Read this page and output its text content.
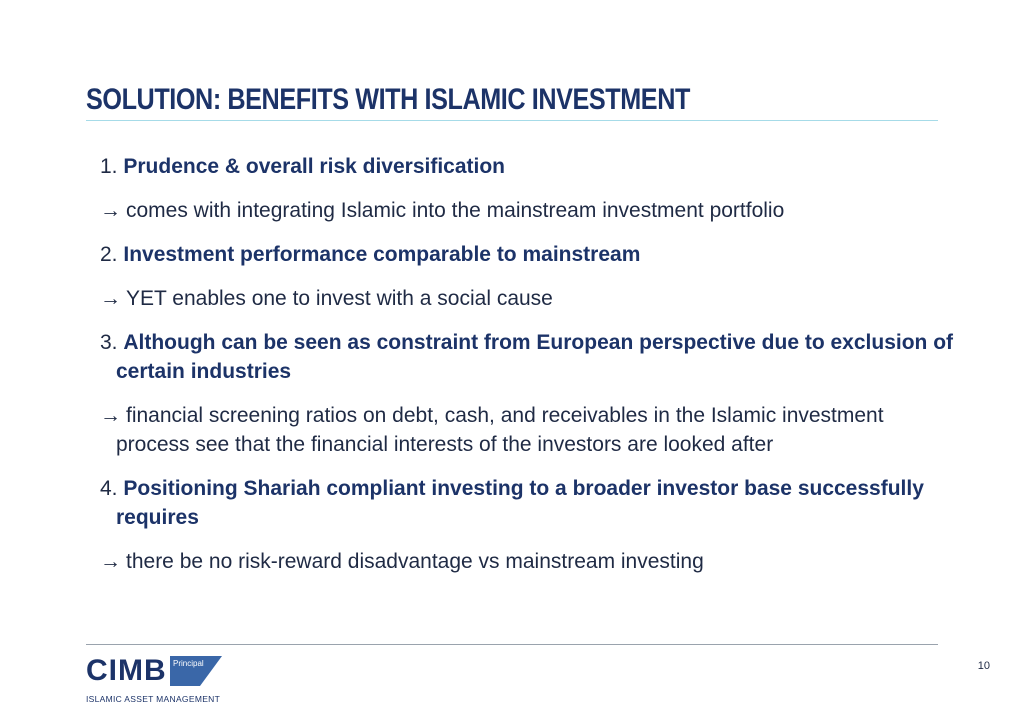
SOLUTION: BENEFITS WITH ISLAMIC INVESTMENT

1. Prudence & overall risk diversification

→ comes with integrating Islamic into the mainstream investment portfolio

2. Investment performance comparable to mainstream

→ YET enables one to invest with a social cause

3. Although can be seen as constraint from European perspective due to exclusion of certain industries

→ financial screening ratios on debt, cash, and receivables in the Islamic investment process see that the financial interests of the investors are looked after

4. Positioning Shariah compliant investing to a broader investor base successfully requires

→ there be no risk-reward disadvantage vs mainstream investing

CIMB Principal
ISLAMIC ASSET MANAGEMENT
10
